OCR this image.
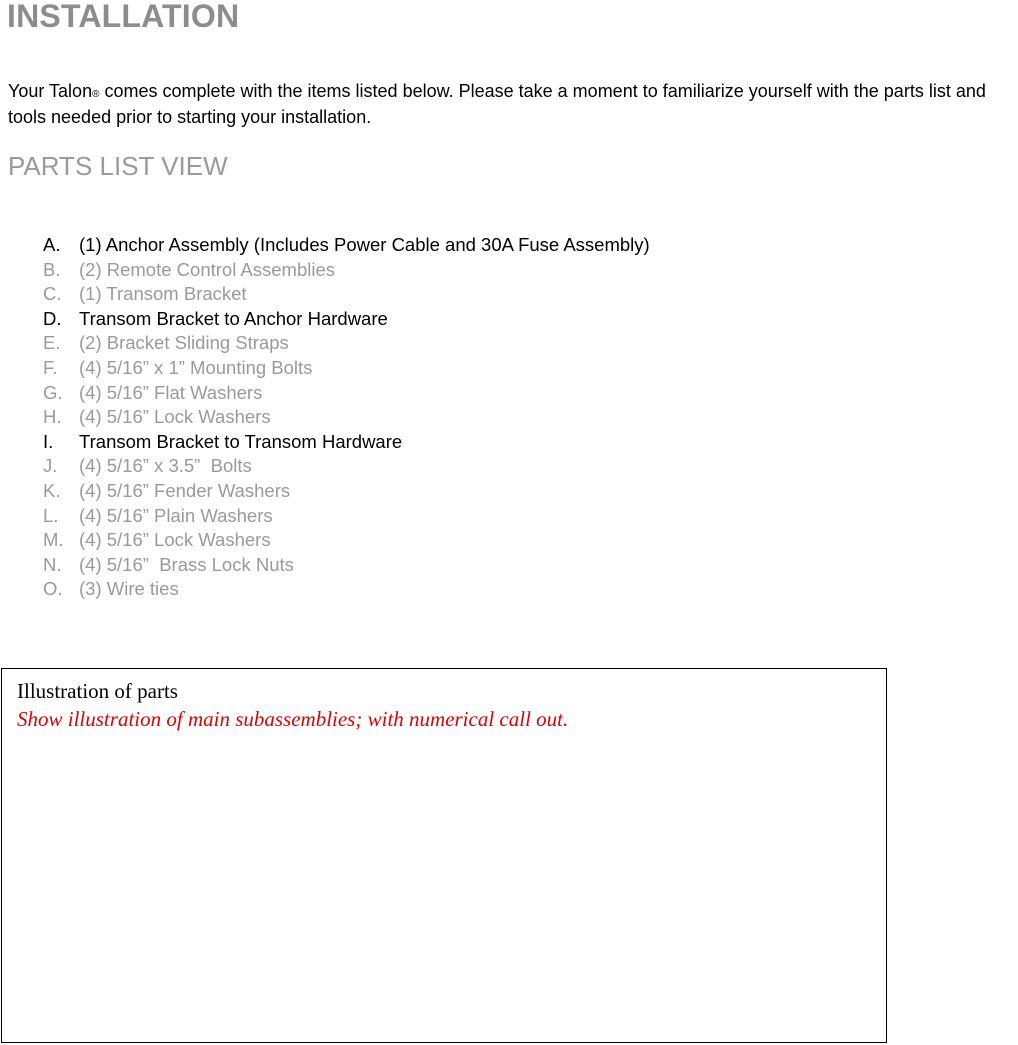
INSTALLATION

Your Talon® comes complete with the items listed below. Please take a moment to familiarize yourself with the parts list and tools needed prior to starting your installation.

PARTS LIST VIEW
A.	(1) Anchor Assembly (Includes Power Cable and 30A Fuse Assembly)
B.	(2) Remote Control Assemblies
C. (1) Transom Bracket
D. Transom Bracket to Anchor Hardware
E.	(2) Bracket Sliding Straps
F.	(4) 5/16” x 1” Mounting Bolts
G. (4) 5/16” Flat Washers
H. (4) 5/16” Lock Washers
I.	Transom Bracket to Transom Hardware
J.	(4) 5/16” x 3.5”  Bolts
K.	(4) 5/16” Fender Washers
L.	(4) 5/16” Plain Washers
M. (4) 5/16” Lock Washers
N. (4) 5/16”  Brass Lock Nuts
O. (3) Wire ties

Illustration of parts

Show illustration of main subassemblies; with numerical call out.
